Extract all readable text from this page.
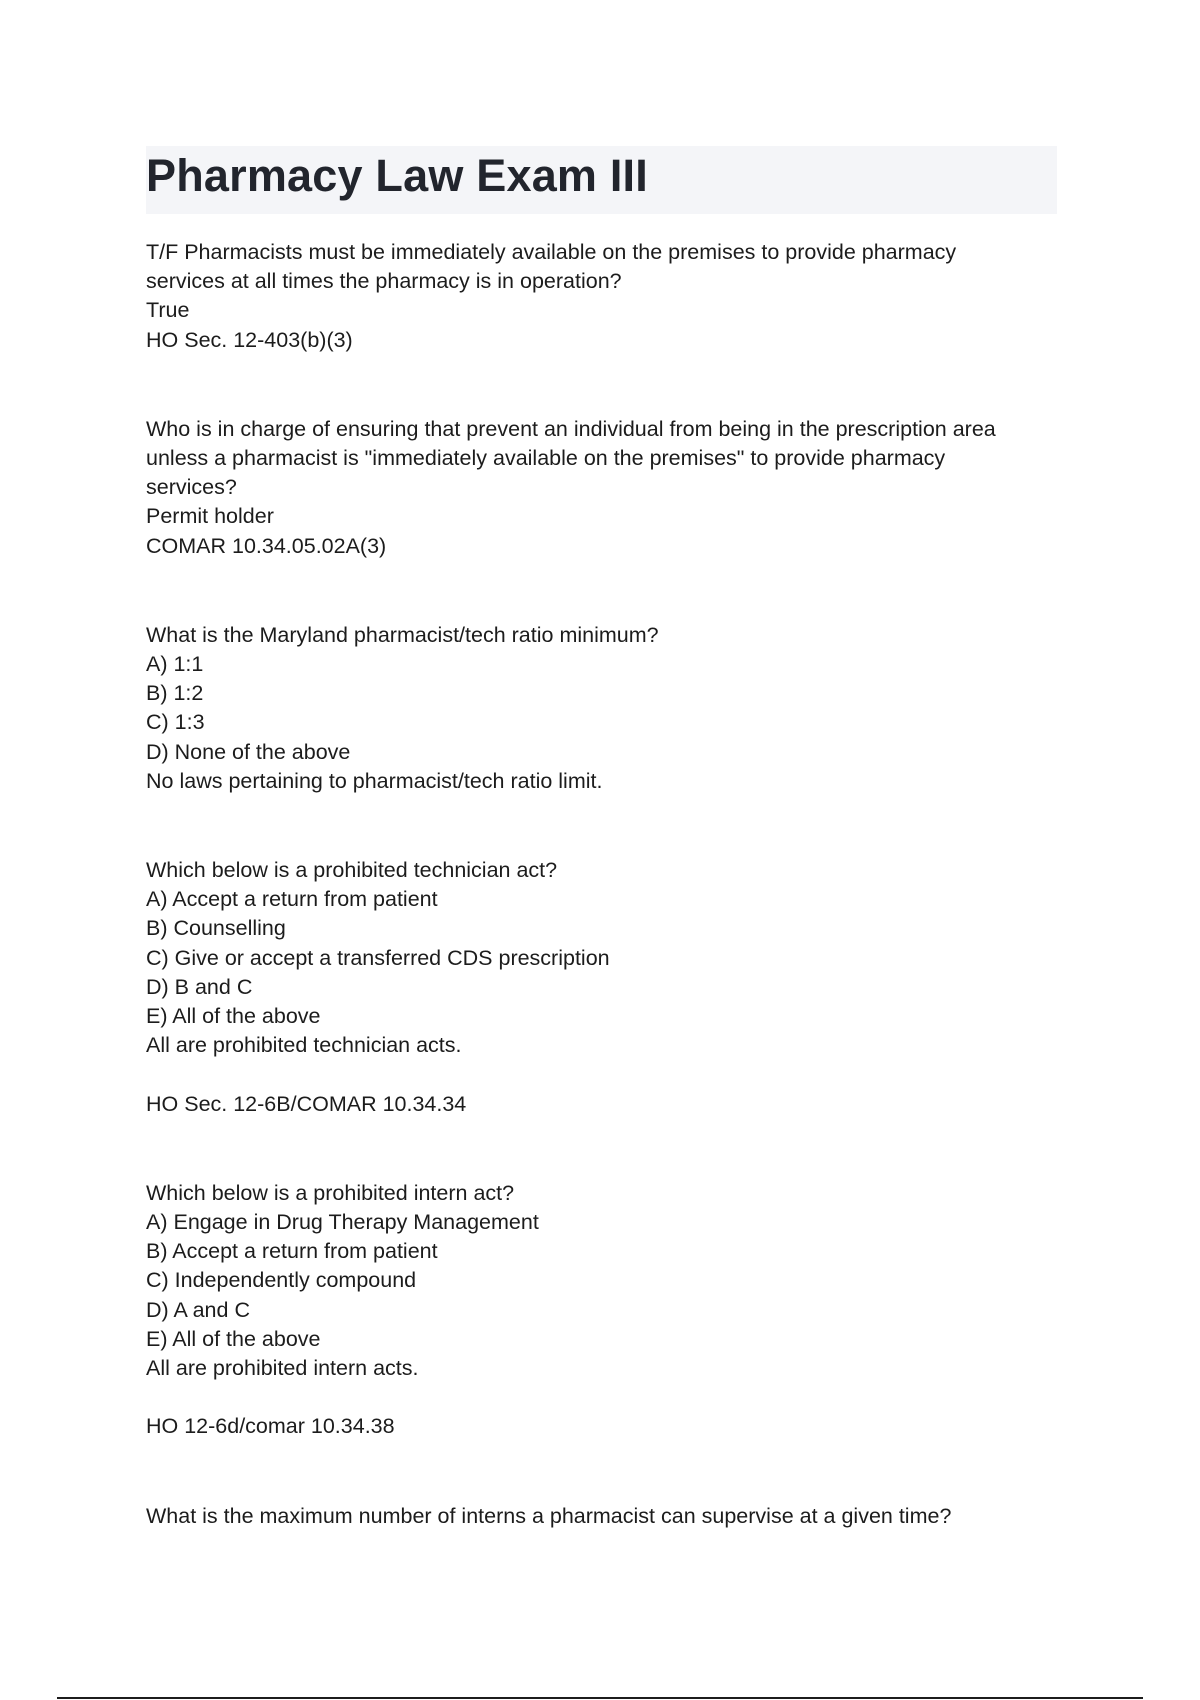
Pharmacy Law Exam III
T/F Pharmacists must be immediately available on the premises to provide pharmacy
services at all times the pharmacy is in operation?
True
HO Sec. 12-403(b)(3)
Who is in charge of ensuring that prevent an individual from being in the prescription area
unless a pharmacist is "immediately available on the premises" to provide pharmacy
services?
Permit holder
COMAR 10.34.05.02A(3)
What is the Maryland pharmacist/tech ratio minimum?
A) 1:1
B) 1:2
C) 1:3
D) None of the above
No laws pertaining to pharmacist/tech ratio limit.
Which below is a prohibited technician act?
A) Accept a return from patient
B) Counselling
C) Give or accept a transferred CDS prescription
D) B and C
E) All of the above
All are prohibited technician acts.
HO Sec. 12-6B/COMAR 10.34.34
Which below is a prohibited intern act?
A) Engage in Drug Therapy Management
B) Accept a return from patient
C) Independently compound
D) A and C
E) All of the above
All are prohibited intern acts.
HO 12-6d/comar 10.34.38
What is the maximum number of interns a pharmacist can supervise at a given time?
